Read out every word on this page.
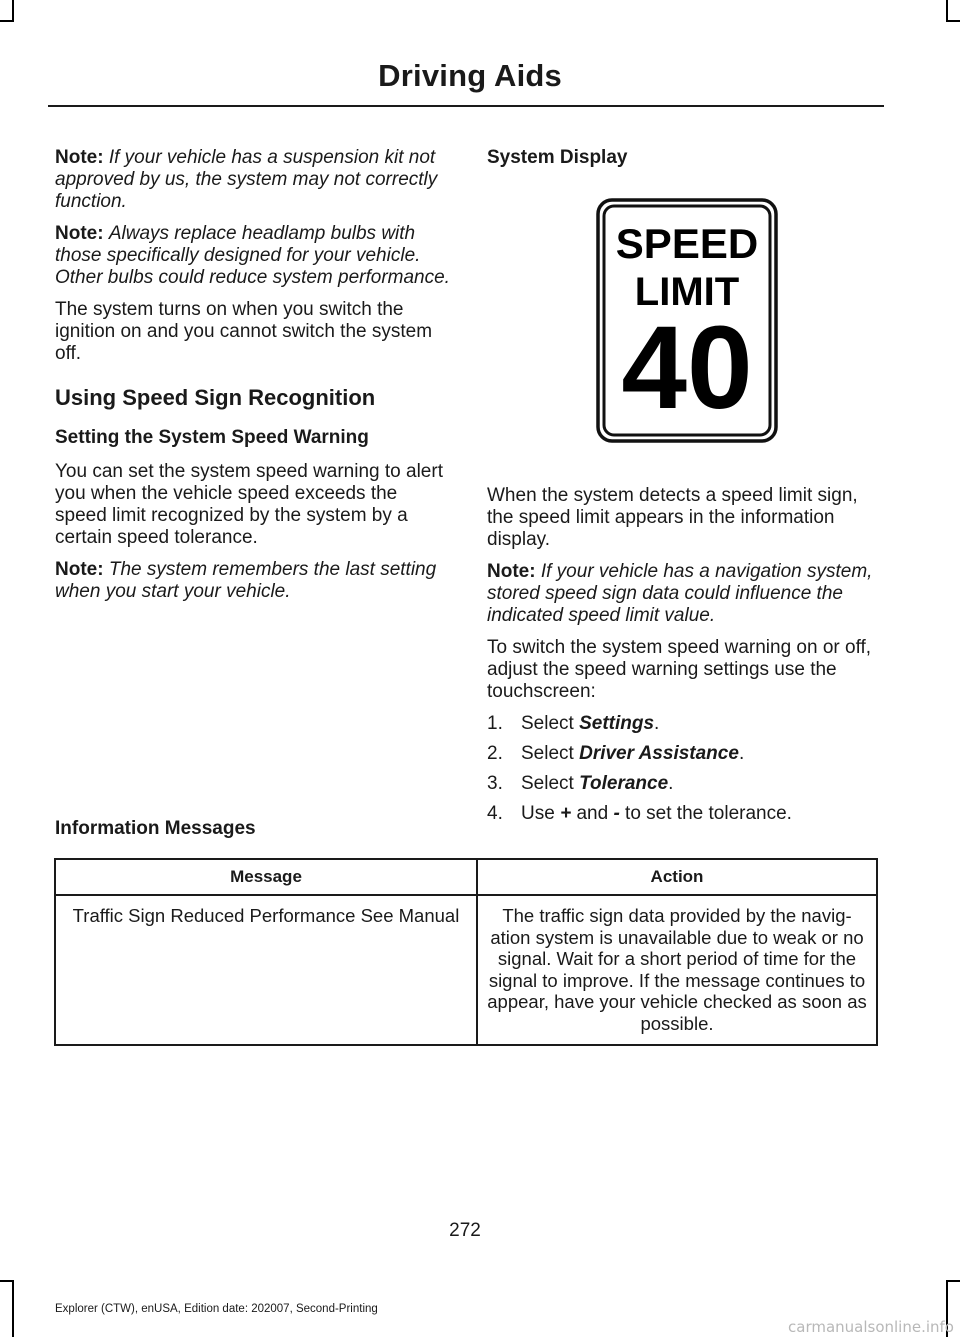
Driving Aids

Note: If your vehicle has a suspension kit not approved by us, the system may not correctly function.

Note: Always replace headlamp bulbs with those specifically designed for your vehicle. Other bulbs could reduce system performance.

The system turns on when you switch the ignition on and you cannot switch the system off.

Using Speed Sign Recognition
Setting the System Speed Warning

You can set the system speed warning to alert you when the vehicle speed exceeds the speed limit recognized by the system by a certain speed tolerance.

Note: The system remembers the last setting when you start your vehicle.

System Display

When the system detects a speed limit sign, the speed limit appears in the information display.

Note: If your vehicle has a navigation system, stored speed sign data could influence the indicated speed limit value.

To switch the system speed warning on or off, adjust the speed warning settings use the touchscreen:

1. Select Settings.
2. Select Driver Assistance.
3. Select Tolerance.
4. Use + and - to set the tolerance.
SPEED
LIMIT
40
Information Messages
Message	Action
Traffic Sign Reduced Performance See Manual	The traffic sign data provided by the navig-ation system is unavailable due to weak or no signal. Wait for a short period of time for the signal to improve. If the message continues to appear, have your vehicle checked as soon as possible.
272
Explorer (CTW), enUSA, Edition date: 202007, Second-Printing
carmanualsonline.info
